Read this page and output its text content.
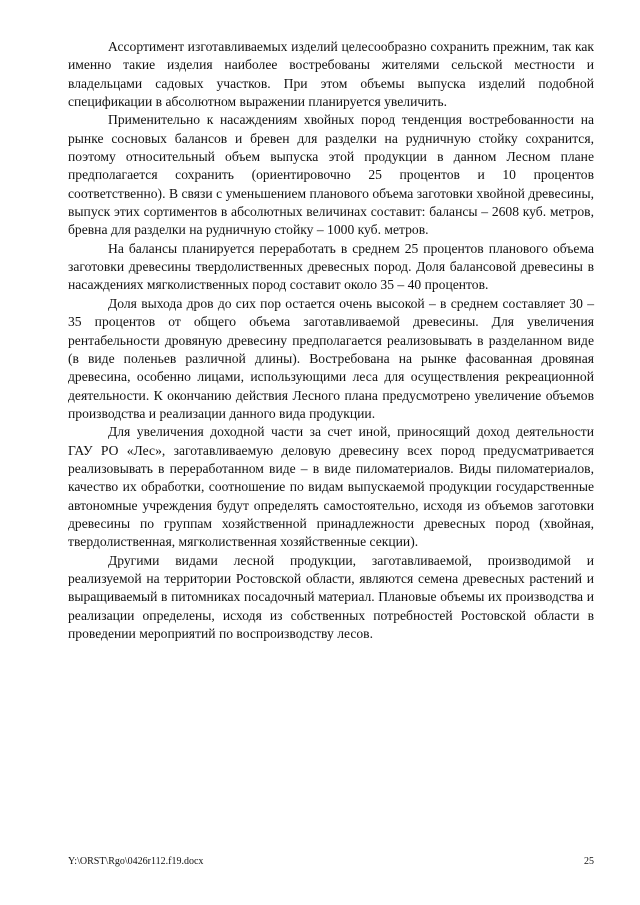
Ассортимент изготавливаемых изделий целесообразно сохранить прежним, так как именно такие изделия наиболее востребованы жителями сельской местности и владельцами садовых участков. При этом объемы выпуска изделий подобной спецификации в абсолютном выражении планируется увеличить.

Применительно к насаждениям хвойных пород тенденция востребованности на рынке сосновых балансов и бревен для разделки на рудничную стойку сохранится, поэтому относительный объем выпуска этой продукции в данном Лесном плане предполагается сохранить (ориентировочно 25 процентов и 10 процентов соответственно). В связи с уменьшением планового объема заготовки хвойной древесины, выпуск этих сортиментов в абсолютных величинах составит: балансы – 2608 куб. метров, бревна для разделки на рудничную стойку – 1000 куб. метров.

На балансы планируется переработать в среднем 25 процентов планового объема заготовки древесины твердолиственных древесных пород. Доля балансовой древесины в насаждениях мягколиственных пород составит около 35 – 40 процентов.

Доля выхода дров до сих пор остается очень высокой – в среднем составляет 30 – 35 процентов от общего объема заготавливаемой древесины. Для увеличения рентабельности дровяную древесину предполагается реализовывать в разделанном виде (в виде поленьев различной длины). Востребована на рынке фасованная дровяная древесина, особенно лицами, использующими леса для осуществления рекреационной деятельности. К окончанию действия Лесного плана предусмотрено увеличение объемов производства и реализации данного вида продукции.

Для увеличения доходной части за счет иной, приносящий доход деятельности ГАУ РО «Лес», заготавливаемую деловую древесину всех пород предусматривается реализовывать в переработанном виде – в виде пиломатериалов. Виды пиломатериалов, качество их обработки, соотношение по видам выпускаемой продукции государственные автономные учреждения будут определять самостоятельно, исходя из объемов заготовки древесины по группам хозяйственной принадлежности древесных пород (хвойная, твердолиственная, мягколиственная хозяйственные секции).

Другими видами лесной продукции, заготавливаемой, производимой и реализуемой на территории Ростовской области, являются семена древесных растений и выращиваемый в питомниках посадочный материал. Плановые объемы их производства и реализации определены, исходя из собственных потребностей Ростовской области в проведении мероприятий по воспроизводству лесов.

Y:\ORST\Rgo\0426r112.f19.docx	25
